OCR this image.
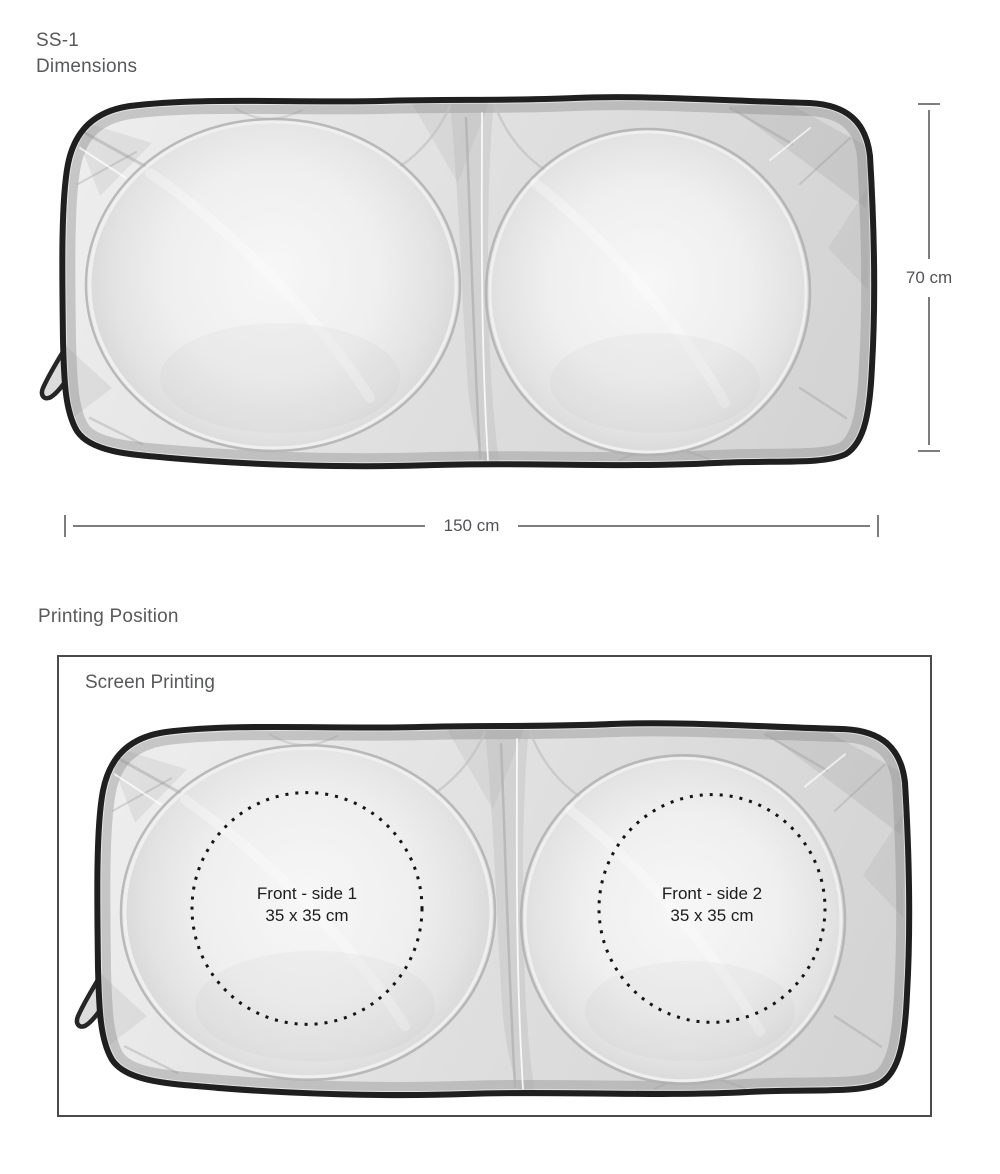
SS-1
Dimensions
70 cm
150 cm
Printing Position
Screen Printing
Front - side 1
35 x 35 cm
Front - side 2
35 x 35 cm
